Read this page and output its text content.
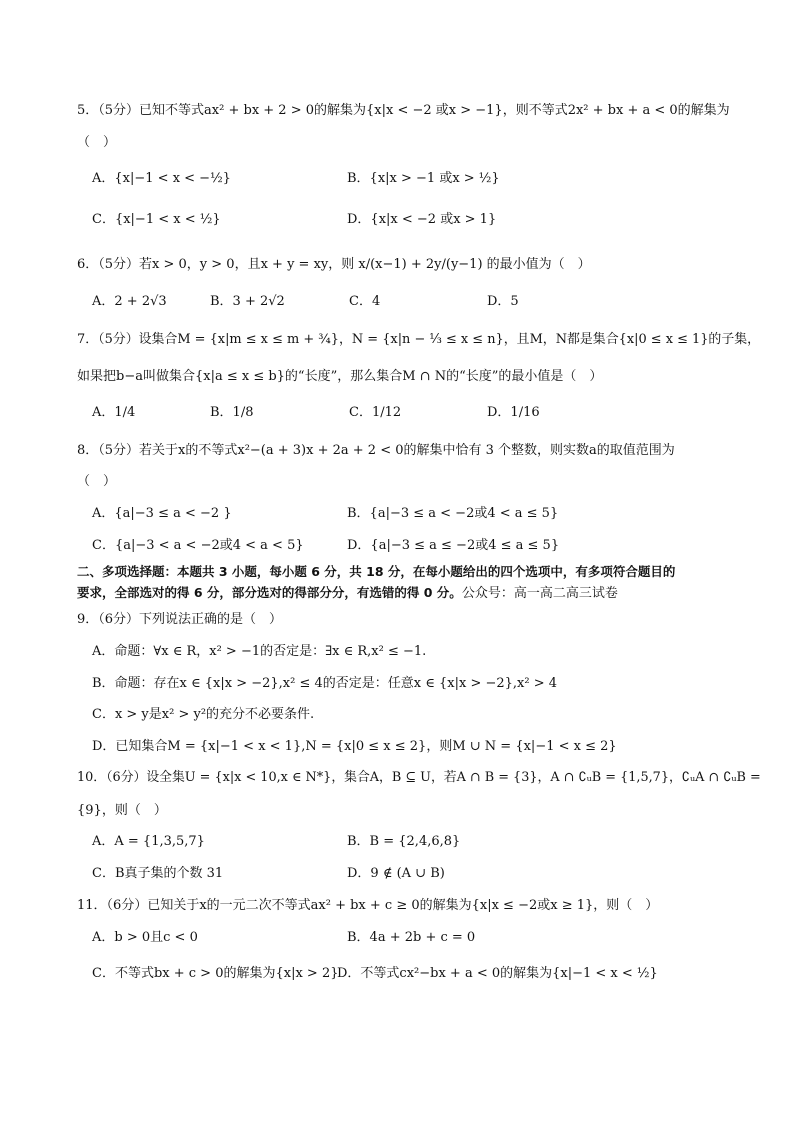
5．（5分）已知不等式ax² + bx + 2 > 0的解集为{x|x < −2 或x > −1}，则不等式2x² + bx + a < 0的解集为
（　）
A．{x|−1 < x < −½}	B．{x|x > −1 或x > ½}
C．{x|−1 < x < ½}	D．{x|x < −2 或x > 1}
6．（5分）若x > 0，y > 0，且x + y = xy，则 x/(x−1) + 2y/(y−1) 的最小值为（　）
A．2 + 2√3	B．3 + 2√2	C．4	D．5
7．（5分）设集合M = {x|m ≤ x ≤ m + ¾}，N = {x|n − ⅓ ≤ x ≤ n}，且M，N都是集合{x|0 ≤ x ≤ 1}的子集，
如果把b−a叫做集合{x|a ≤ x ≤ b}的“长度”，那么集合M ∩ N的“长度”的最小值是（　）
A．1/4	B．1/8	C．1/12	D．1/16
8．（5分）若关于x的不等式x²−(a + 3)x + 2a + 2 < 0的解集中恰有 3 个整数，则实数a的取值范围为
（　）
A．{a|−3 ≤ a < −2 }	B．{a|−3 ≤ a < −2或4 < a ≤ 5}
C．{a|−3 < a < −2或4 < a < 5}	D．{a|−3 ≤ a ≤ −2或4 ≤ a ≤ 5}
二、多项选择题：本题共 3 小题，每小题 6 分，共 18 分，在每小题给出的四个选项中，有多项符合题目的
要求，全部选对的得 6 分，部分选对的得部分分，有选错的得 0 分。公众号：高一高二高三试卷
9．（6分）下列说法正确的是（　）
A．命题：∀x ∈ R，x² > −1的否定是：∃x ∈ R,x² ≤ −1.
B．命题：存在x ∈ {x|x > −2},x² ≤ 4的否定是：任意x ∈ {x|x > −2},x² > 4
C．x > y是x² > y²的充分不必要条件.
D．已知集合M = {x|−1 < x < 1},N = {x|0 ≤ x ≤ 2}，则M ∪ N = {x|−1 < x ≤ 2}
10．（6分）设全集U = {x|x < 10,x ∈ N*}，集合A，B ⊆ U，若A ∩ B = {3}，A ∩ ∁ᵤB = {1,5,7}，∁ᵤA ∩ ∁ᵤB =
{9}，则（　）
A．A = {1,3,5,7}	B．B = {2,4,6,8}
C．B真子集的个数 31	D．9 ∉ (A ∪ B)
11．（6分）已知关于x的一元二次不等式ax² + bx + c ≥ 0的解集为{x|x ≤ −2或x ≥ 1}，则（　）
A．b > 0且c < 0	B．4a + 2b + c = 0
C．不等式bx + c > 0的解集为{x|x > 2}
D．不等式cx²−bx + a < 0的解集为{x|−1 < x < ½}
